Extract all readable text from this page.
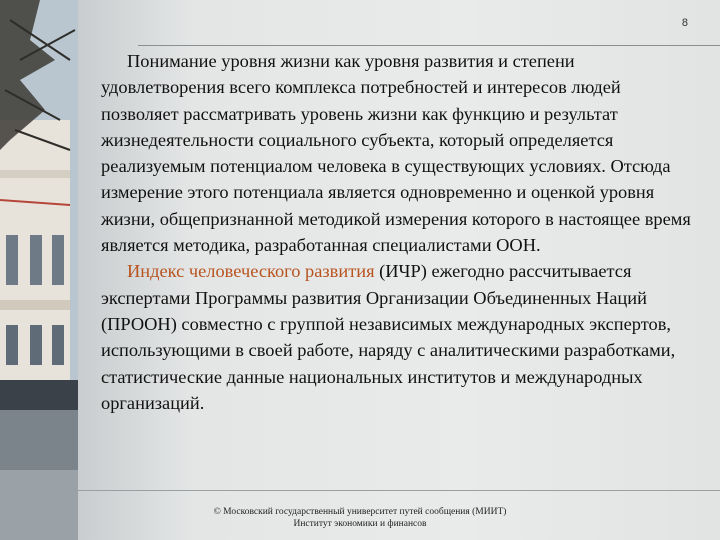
8

Понимание уровня жизни как уровня развития и степени удовлетворения всего комплекса потребностей и интересов людей позволяет рассматривать уровень жизни как функцию и результат жизнедеятельности социального субъекта, который определяется реализуемым потенциалом человека в существующих условиях. Отсюда измерение этого потенциала является одновременно и оценкой уровня жизни, общепризнанной методикой измерения которого в настоящее время является методика, разработанная специалистами ООН.

Индекс человеческого развития (ИЧР) ежегодно рассчитывается экспертами Программы развития Организации Объединенных Наций (ПРООН) совместно с группой независимых международных экспертов, использующими в своей работе, наряду с аналитическими разработками, статистические данные национальных институтов и международных организаций.

© Московский государственный университет путей сообщения (МИИТ)
Институт экономики и финансов
